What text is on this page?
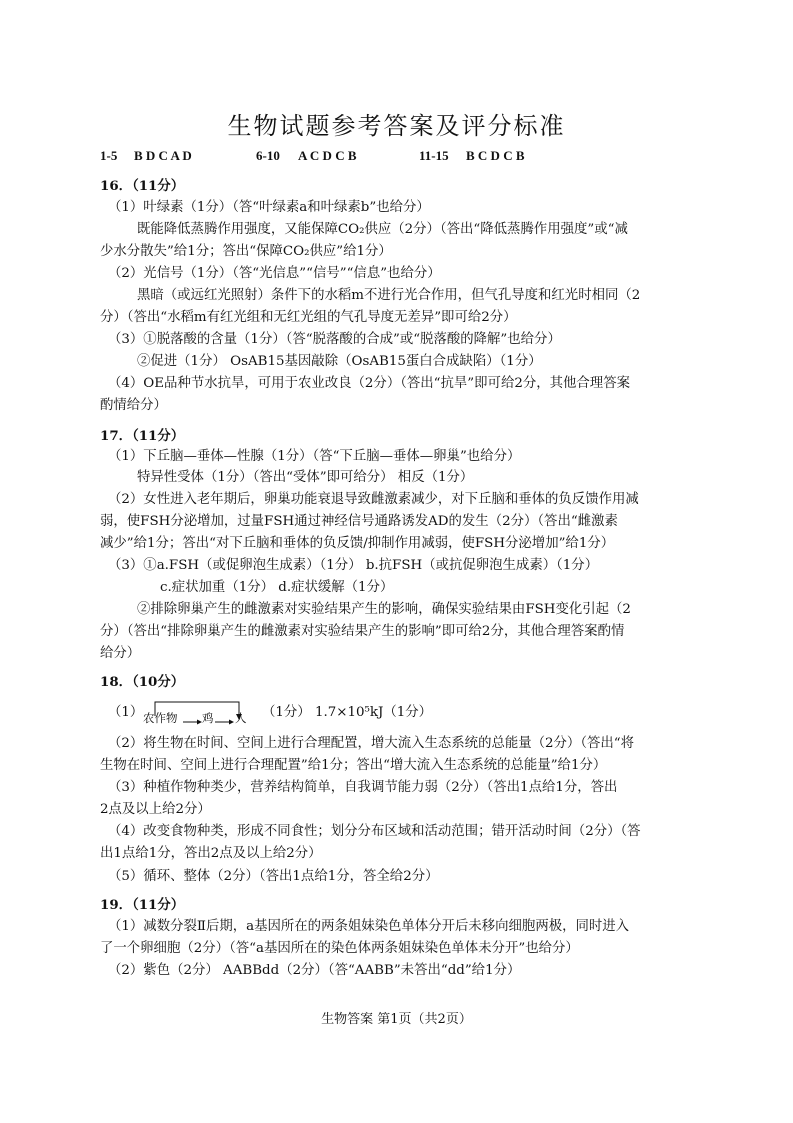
生物试题参考答案及评分标准
1-5 B D C A D	6-10 A C D C B	11-15 B C D C B
16．（11分）
（1）叶绿素（1分）（答“叶绿素a和叶绿素b”也给分）
既能降低蒸腾作用强度，又能保障CO₂供应（2分）（答出“降低蒸腾作用强度”或“减
少水分散失”给1分；答出“保障CO₂供应”给1分）
（2）光信号（1分）（答“光信息”“信号”“信息”也给分）
黑暗（或远红光照射）条件下的水稻m不进行光合作用，但气孔导度和红光时相同（2
分）（答出“水稻m有红光组和无红光组的气孔导度无差异”即可给2分）
（3）①脱落酸的含量（1分）（答“脱落酸的合成”或“脱落酸的降解”也给分）
②促进（1分） OsAB15基因敲除（OsAB15蛋白合成缺陷）（1分）
（4）OE品种节水抗旱，可用于农业改良（2分）（答出“抗旱”即可给2分，其他合理答案
酌情给分）
17．（11分）
（1）下丘脑—垂体—性腺（1分）（答“下丘脑—垂体—卵巢”也给分）
特异性受体（1分）（答出“受体”即可给分） 相反（1分）
（2）女性进入老年期后，卵巢功能衰退导致雌激素减少，对下丘脑和垂体的负反馈作用减
弱，使FSH分泌增加，过量FSH通过神经信号通路诱发AD的发生（2分）（答出“雌激素
减少”给1分；答出“对下丘脑和垂体的负反馈/抑制作用减弱，使FSH分泌增加”给1分）
（3）①a.FSH（或促卵泡生成素）（1分） b.抗FSH（或抗促卵泡生成素）（1分）
c.症状加重（1分） d.症状缓解（1分）
②排除卵巢产生的雌激素对实验结果产生的影响，确保实验结果由FSH变化引起（2
分）（答出“排除卵巢产生的雌激素对实验结果产生的影响”即可给2分，其他合理答案酌情
给分）
18．（10分）
（1） 农作物 鸡 人 （1分） 1.7×10⁵kJ（1分）
（2）将生物在时间、空间上进行合理配置，增大流入生态系统的总能量（2分）（答出“将
生物在时间、空间上进行合理配置”给1分；答出“增大流入生态系统的总能量”给1分）
（3）种植作物种类少，营养结构简单，自我调节能力弱（2分）（答出1点给1分，答出
2点及以上给2分）
（4）改变食物种类，形成不同食性；划分分布区域和活动范围；错开活动时间（2分）（答
出1点给1分，答出2点及以上给2分）
（5）循环、整体（2分）（答出1点给1分，答全给2分）
19．（11分）
（1）减数分裂Ⅱ后期，a基因所在的两条姐妹染色单体分开后未移向细胞两极，同时进入
了一个卵细胞（2分）（答“a基因所在的染色体两条姐妹染色单体未分开”也给分）
（2）紫色（2分） AABBdd（2分）（答“AABB”未答出“dd”给1分）
生物答案 第1页（共2页）
